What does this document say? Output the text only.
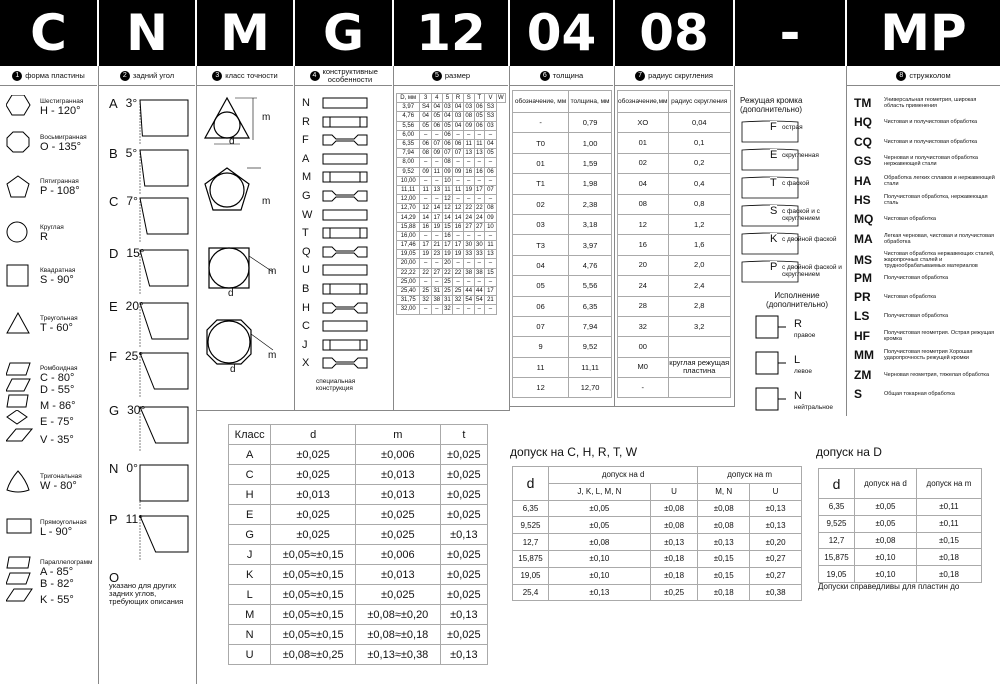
C	N	M	G	12 04 08	-	MP
1 форма пластины	2 задний угол	3 класс точности	4 конструктивные особенности	5 размер	6 толщина	7 радиус скругления	8 стружколом
Шестигранная
H - 120°
Восьмигранная
O - 135°
Пятигранная
P - 108°
Круглая
R
Квадратная
S - 90°
Треугольная
T - 60°
Ромбоидная
C - 80°
D - 55°
M - 86°
E - 75°
V - 35°
Тригональная
W - 80°
Прямоугольная
L - 90°
Параллелограмм
A - 85°
B - 82°
K - 55°
A 3°
B 5°
C 7°
D 15°
E 20°
F 25°
G 30°
N 0°
P 11°
O
указано для других задних углов, требующих описания
m
d
m
d
m
d
m
N
R
F
A
M
G
W
T
Q
U
B
H
C
J
X
специальная конструкция
D, мм	3	4	5	R	S	T	V	W
3,97	S4	04	03	04	03	06	S3	
4,76	04	05	04	03	08	05	S3	
5,56	05	06	05	04	09	06	03	
6,00	–	–	06	–	–	–	–	
6,35	06	07	06	06	11	11	04	
7,94	08	09	07	07	13	13	05	
8,00	–	–	08	–	–	–	–	
9,52	09	11	09	09	16	16	06	
10,00	–	–	10	–	–	–	–	
11,11	11	13	11	11	19	17	07	
12,00	–	–	12	–	–	–	–	
12,70	12	14	12	12	22	22	08	
14,29	14	17	14	14	24	24	09	
15,88	16	19	15	16	27	27	10	
16,00	–	–	16	–	–	–	–	
17,46	17	21	17	17	30	30	11	
19,05	19	23	19	19	33	33	13	
20,00	–	–	20	–	–	–	–	
22,22	22	27	22	22	38	38	15	
25,00	–	–	25	–	–	–	–	
25,40	25	31	25	25	44	44	17	
31,75	32	38	31	32	54	54	21	
32,00	–	–	32	–	–	–	–	
обозначение, мм	толщина, мм
-	0,79
T0	1,00
01	1,59
T1	1,98
02	2,38
03	3,18
T3	3,97
04	4,76
05	5,56
06	6,35
07	7,94
9	9,52
11	11,11
12	12,70
обозначение,мм	радиус скругления
XO	0,04
01	0,1
02	0,2
04	0,4
08	0,8
12	1,2
16	1,6
20	2,0
24	2,4
28	2,8
32	3,2
00	
M0	круглая режущая пластина
-	
Режущая кромка (дополнительно)
F острая
E скругленная
T с фаской
S с фаской и с скруглением
K с двойной фаской
P с двойной фаской и скруглением
Исполнение (дополнительно)
R
правое
L
левое
N
нейтральное
TM	Универсальная геометрия, широкая область применения
HQ	Чистовая и получистовая обработка
CQ	Чистовая и получистовая обработка
GS	Черновая и получистовая обработка нержавеющей стали
HA	Обработка легких сплавов и нержавеющей стали
HS	Получистовая обработка, нержавеющая сталь
MQ	Чистовая обработка
MA	Легкая черновая, чистовая и получистовая обработка
MS	Чистовая обработка нержавеющих сталей, жаропрочных сталей и труднообрабатываемых материалов
PM	Получистовая обработка
PR	Чистовая обработка
LS	Получистовая обработка
HF	Получистовая геометрия. Острая режущая кромка
MM	Получистовая геометрия Хорошая ударопрочность режущей кромки
ZM	Черновая геометрия, тяжелая обработка
S	Общая токарная обработка
Класс	d	m	t
A	±0,025	±0,006	±0,025
C	±0,025	±0,013	±0,025
H	±0,013	±0,013	±0,025
E	±0,025	±0,025	±0,025
G	±0,025	±0,025	±0,13
J	±0,05≈±0,15	±0,006	±0,025
K	±0,05≈±0,15	±0,013	±0,025
L	±0,05≈±0,15	±0,025	±0,025
M	±0,05≈±0,15	±0,08≈±0,20	±0,13
N	±0,05≈±0,15	±0,08≈±0,18	±0,025
U	±0,08≈±0,25	±0,13≈±0,38	±0,13
допуск на C, H, R, T, W
d	допуск на d		допуск на m	
	J, K, L, M, N	U	M, N	U
6,35	±0,05	±0,08	±0,08	±0,13
9,525	±0,05	±0,08	±0,08	±0,13
12,7	±0,08	±0,13	±0,13	±0,20
15,875	±0,10	±0,18	±0,15	±0,27
19,05	±0,10	±0,18	±0,15	±0,27
25,4	±0,13	±0,25	±0,18	±0,38
допуск на D
d	допуск на d	допуск на m
6,35	±0,05	±0,11
9,525	±0,05	±0,11
12,7	±0,08	±0,15
15,875	±0,10	±0,18
19,05	±0,10	±0,18
Допуски справедливы для пластин до
